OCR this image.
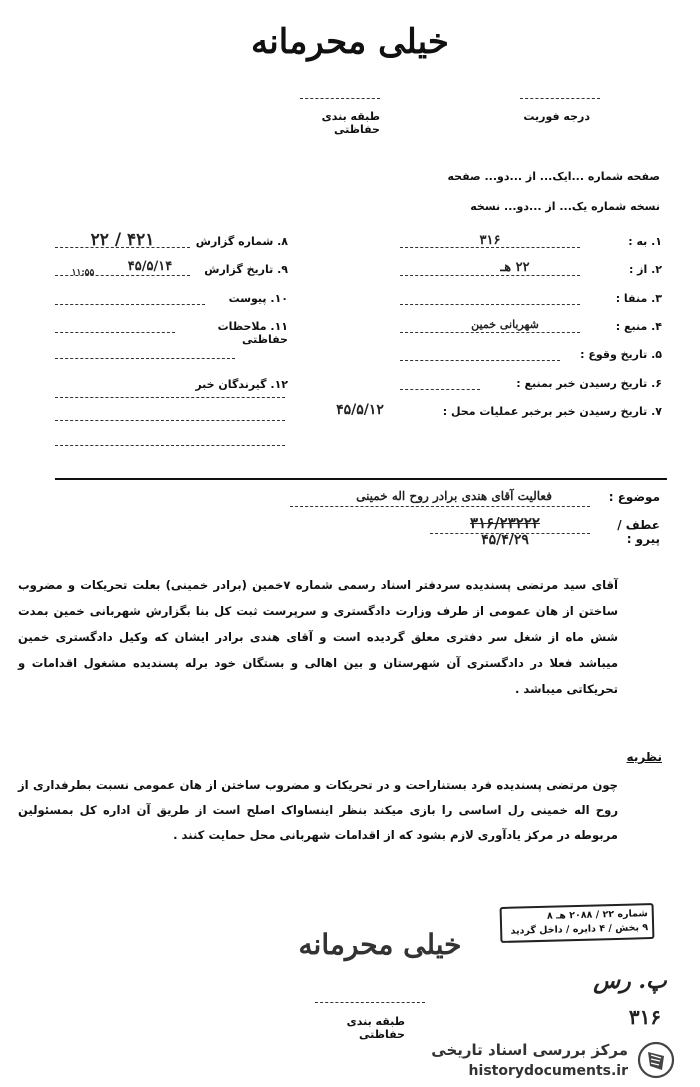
خیلی محرمانه
طبقه بندی حفاظتی
درجه فوریت
صفحه شماره ...ایک... از ...دو... صفحه
نسخه شماره یک... از ...دو... نسخه
۱. به :
۳۱۶
۲. از :
۲۲ هـ
۳. منفا :
۴. منبع :
شهربانی خمین
۵. تاریخ وقوع :
۶. تاریخ رسیدن خبر بمنبع :
۷. تاریخ رسیدن خبر برخبر عملیات محل :
۴۵/۵/۱۲
۸. شماره گزارش
۴۲۱ / ۲۲
۹. تاریخ گزارش
۴۵/۵/۱۴
۱۱:۵۵
۱۰. پیوست
۱۱. ملاحظات حفاظتی
۱۲. گیرندگان خبر
موضوع :
فعالیت آقای هندی برادر روح اله خمینی
عطف / پیرو :
۳۱۶/۲۳۲۲۲
۴۵/۴/۲۹
آقای سید مرتضی پسندیده سردفتر اسناد رسمی شماره ۷خمین (برادر خمینی) بعلت تحریکات و مضروب ساختن از هان عمومی از طرف وزارت دادگستری و سرپرست ثبت کل بنا بگزارش شهربانی خمین بمدت شش ماه از شغل سر دفتری معلق گردیده است و آقای هندی برادر ایشان که وکیل دادگستری خمین میباشد فعلا در دادگستری آن شهرستان و بین اهالی و بستگان خود برله پسندیده مشغول اقدامات و تحریکاتی میباشد .
نظریه
چون مرتضی پسندیده فرد بستناراحت و در تحریکات و مضروب ساختن از هان عمومی نسبت بطرفداری از روح اله خمینی رل اساسی را بازی میکند بنظر اینساواک اصلح است از طریق آن اداره کل بمسئولین مربوطه در مرکز یادآوری لازم بشود که از اقدامات شهربانی محل حمایت کنند .
شماره ۲۲ / ۲۰۸۸ هـ ۸
۹ بخش / ۴ دایره / داخل گردید
خیلی محرمانه
پ. رس
طبقه بندی حفاظتی
۳۱۶
مرکز بررسی اسناد تاریخی
historydocuments.ir
